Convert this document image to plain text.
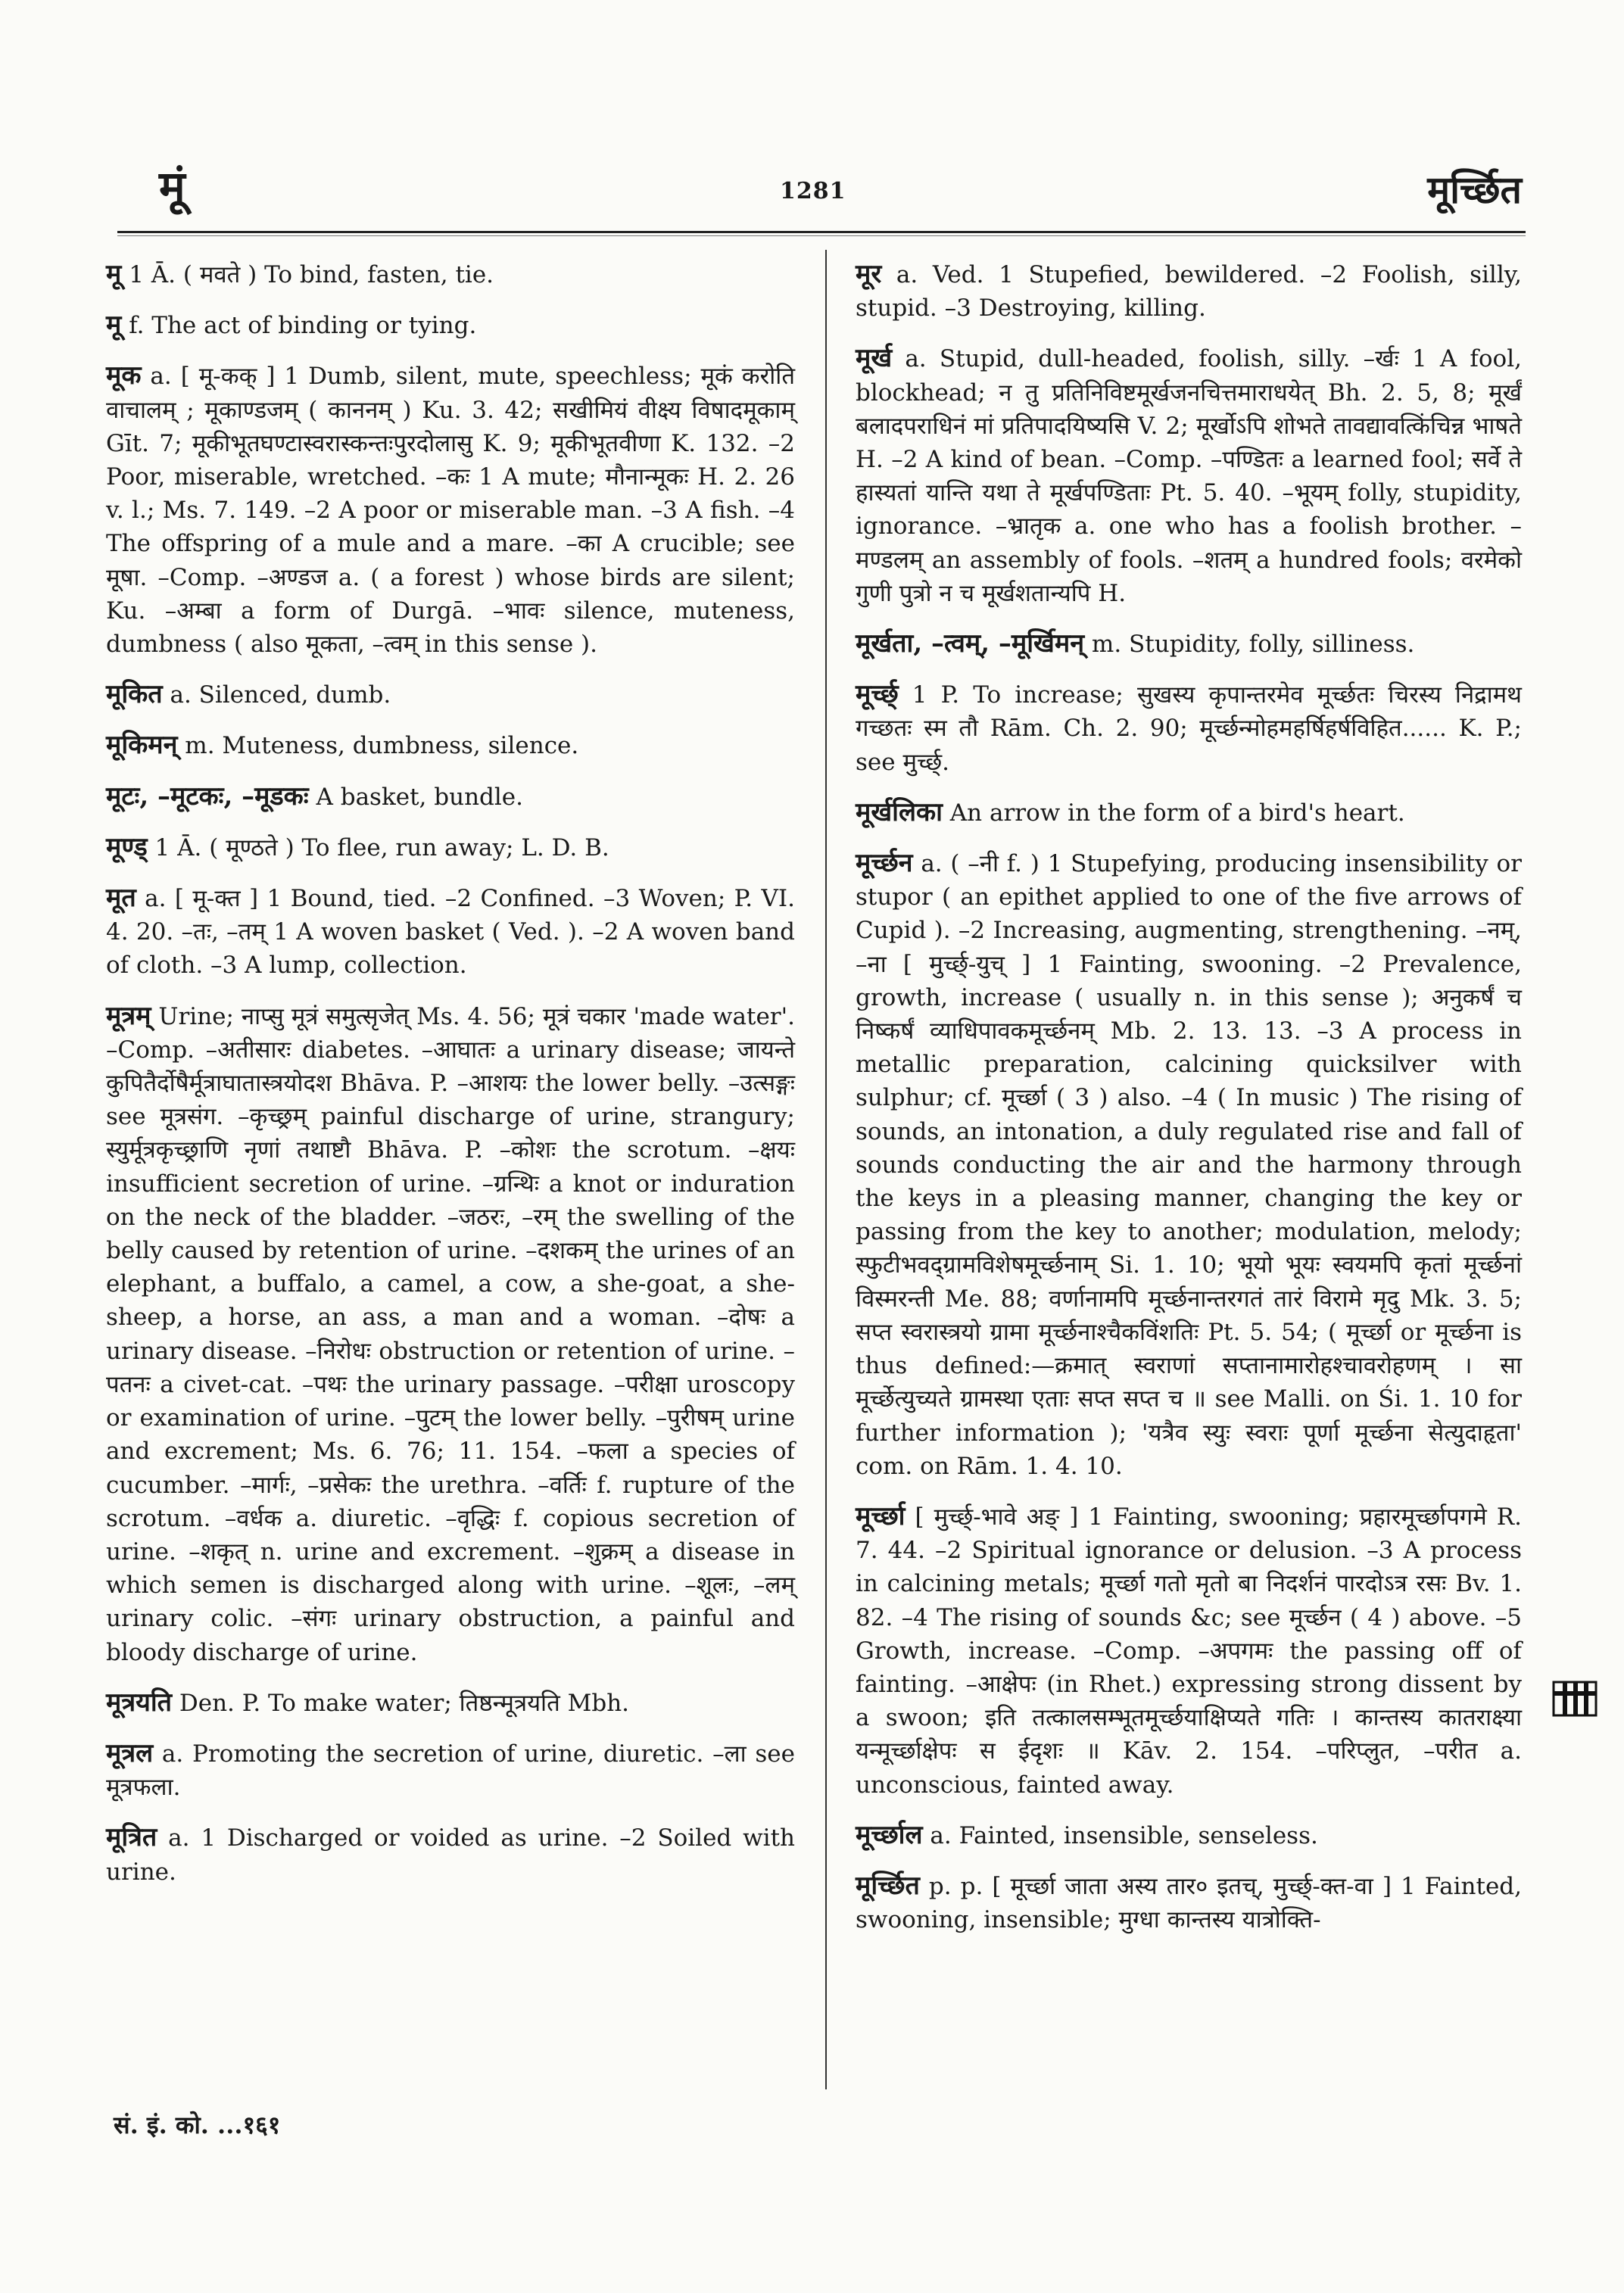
मूं	1281	मूर्च्छित

मू 1 Ā. ( मवते ) To bind, fasten, tie.

मू f. The act of binding or tying.

मूक a. [ मू-कक् ] 1 Dumb, silent, mute, speechless; मूकं करोति वाचालम् ; मूकाण्डजम् ( काननम् ) Ku. 3. 42; सखीमियं वीक्ष्य विषादमूकाम् Gīt. 7; मूकीभूतघण्टास्वरास्कन्तःपुरदोलासु K. 9; मूकीभूतवीणा K. 132. –2 Poor, miserable, wretched. –कः 1 A mute; मौनान्मूकः H. 2. 26 v. l.; Ms. 7. 149. –2 A poor or miserable man. –3 A fish. –4 The offspring of a mule and a mare. –का A crucible; see मूषा. –Comp. –अण्डज a. ( a forest ) whose birds are silent; Ku. –अम्बा a form of Durgā. –भावः silence, muteness, dumbness ( also मूकता, –त्वम् in this sense ).

मूकित a. Silenced, dumb.

मूकिमन् m. Muteness, dumbness, silence.

मूटः, –मूटकः, –मूडकः A basket, bundle.

मूण्ड् 1 Ā. ( मूण्ठते ) To flee, run away; L. D. B.

मूत a. [ मू-क्त ] 1 Bound, tied. –2 Confined. –3 Woven; P. VI. 4. 20. –तः, –तम् 1 A woven basket ( Ved. ). –2 A woven band of cloth. –3 A lump, collection.

मूत्रम् Urine; नाप्सु मूत्रं समुत्सृजेत् Ms. 4. 56; मूत्रं चकार 'made water'. –Comp. –अतीसारः diabetes. –आघातः a urinary disease; जायन्ते कुपितैर्दोषैर्मूत्राघातास्त्रयोदश Bhāva. P. –आशयः the lower belly. –उत्सङ्गः see मूत्रसंग. –कृच्छ्रम् painful discharge of urine, strangury; स्युर्मूत्रकृच्छ्राणि नृणां तथाष्टौ Bhāva. P. –कोशः the scrotum. –क्षयः insufficient secretion of urine. –ग्रन्थिः a knot or induration on the neck of the bladder. –जठरः, –रम् the swelling of the belly caused by retention of urine. –दशकम् the urines of an elephant, a buffalo, a camel, a cow, a she-goat, a she-sheep, a horse, an ass, a man and a woman. –दोषः a urinary disease. –निरोधः obstruction or retention of urine. –पतनः a civet-cat. –पथः the urinary passage. –परीक्षा uroscopy or examination of urine. –पुटम् the lower belly. –पुरीषम् urine and excrement; Ms. 6. 76; 11. 154. –फला a species of cucumber. –मार्गः, –प्रसेकः the urethra. –वर्तिः f. rupture of the scrotum. –वर्धक a. diuretic. –वृद्धिः f. copious secretion of urine. –शकृत् n. urine and excrement. –शुक्रम् a disease in which semen is discharged along with urine. –शूलः, –लम् urinary colic. –संगः urinary obstruction, a painful and bloody discharge of urine.

मूत्रयति Den. P. To make water; तिष्ठन्मूत्रयति Mbh.

मूत्रल a. Promoting the secretion of urine, diuretic. –ला see मूत्रफला.

मूत्रित a. 1 Discharged or voided as urine. –2 Soiled with urine.

मूर a. Ved. 1 Stupefied, bewildered. –2 Foolish, silly, stupid. –3 Destroying, killing.

मूर्ख a. Stupid, dull-headed, foolish, silly. –र्खः 1 A fool, blockhead; न तु प्रतिनिविष्टमूर्खजनचित्तमाराधयेत् Bh. 2. 5, 8; मूर्खं बलादपराधिनं मां प्रतिपादयिष्यसि V. 2; मूर्खोऽपि शोभते तावद्यावत्किंचिन्न भाषते H. –2 A kind of bean. –Comp. –पण्डितः a learned fool; सर्वे ते हास्यतां यान्ति यथा ते मूर्खपण्डिताः Pt. 5. 40. –भूयम् folly, stupidity, ignorance. –भ्रातृक a. one who has a foolish brother. –मण्डलम् an assembly of fools. –शतम् a hundred fools; वरमेको गुणी पुत्रो न च मूर्खशतान्यपि H.

मूर्खता, –त्वम्, –मूर्खिमन् m. Stupidity, folly, silliness.

मूर्च्छ् 1 P. To increase; सुखस्य कृपान्तरमेव मूर्च्छतः चिरस्य निद्रामथ गच्छतः स्म तौ Rām. Ch. 2. 90; मूर्च्छन्मोहमहर्षिहर्षविहित...... K. P.; see मुर्च्छ्.

मूर्खलिका An arrow in the form of a bird's heart.

मूर्च्छन a. ( –नी f. ) 1 Stupefying, producing insensibility or stupor ( an epithet applied to one of the five arrows of Cupid ). –2 Increasing, augmenting, strengthening. –नम्, –ना [ मुर्च्छ्-युच् ] 1 Fainting, swooning. –2 Prevalence, growth, increase ( usually n. in this sense ); अनुकर्षं च निष्कर्षं व्याधिपावकमूर्च्छनम् Mb. 2. 13. 13. –3 A process in metallic preparation, calcining quicksilver with sulphur; cf. मूर्च्छा ( 3 ) also. –4 ( In music ) The rising of sounds, an intonation, a duly regulated rise and fall of sounds conducting the air and the harmony through the keys in a pleasing manner, changing the key or passing from the key to another; modulation, melody; स्फुटीभवद्ग्रामविशेषमूर्च्छनाम् Si. 1. 10; भूयो भूयः स्वयमपि कृतां मूर्च्छनां विस्मरन्ती Me. 88; वर्णानामपि मूर्च्छनान्तरगतं तारं विरामे मृदु Mk. 3. 5; सप्त स्वरास्त्रयो ग्रामा मूर्च्छनाश्चैकविंशतिः Pt. 5. 54; ( मूर्च्छा or मूर्च्छना is thus defined:—क्रमात् स्वराणां सप्तानामारोहश्चावरोहणम् । सा मूर्च्छेत्युच्यते ग्रामस्था एताः सप्त सप्त च ॥ see Malli. on Śi. 1. 10 for further information ); 'यत्रैव स्युः स्वराः पूर्णा मूर्च्छना सेत्युदाहृता' com. on Rām. 1. 4. 10.

मूर्च्छा [ मुर्च्छ्-भावे अङ् ] 1 Fainting, swooning; प्रहारमूर्च्छापगमे R. 7. 44. –2 Spiritual ignorance or delusion. –3 A process in calcining metals; मूर्च्छा गतो मृतो बा निदर्शनं पारदोऽत्र रसः Bv. 1. 82. –4 The rising of sounds &c; see मूर्च्छन ( 4 ) above. –5 Growth, increase. –Comp. –अपगमः the passing off of fainting. –आक्षेपः (in Rhet.) expressing strong dissent by a swoon; इति तत्कालसम्भूतमूर्च्छयाक्षिप्यते गतिः । कान्तस्य कातराक्ष्या यन्मूर्च्छाक्षेपः स ईदृशः ॥ Kāv. 2. 154. –परिप्लुत, –परीत a. unconscious, fainted away.

मूर्च्छाल a. Fainted, insensible, senseless.

मूर्च्छित p. p. [ मूर्च्छा जाता अस्य तार० इतच्, मुर्च्छ्-क्त-वा ] 1 Fainted, swooning, insensible; मुग्धा कान्तस्य यात्रोक्ति-

सं. इं. को. ...१६१
